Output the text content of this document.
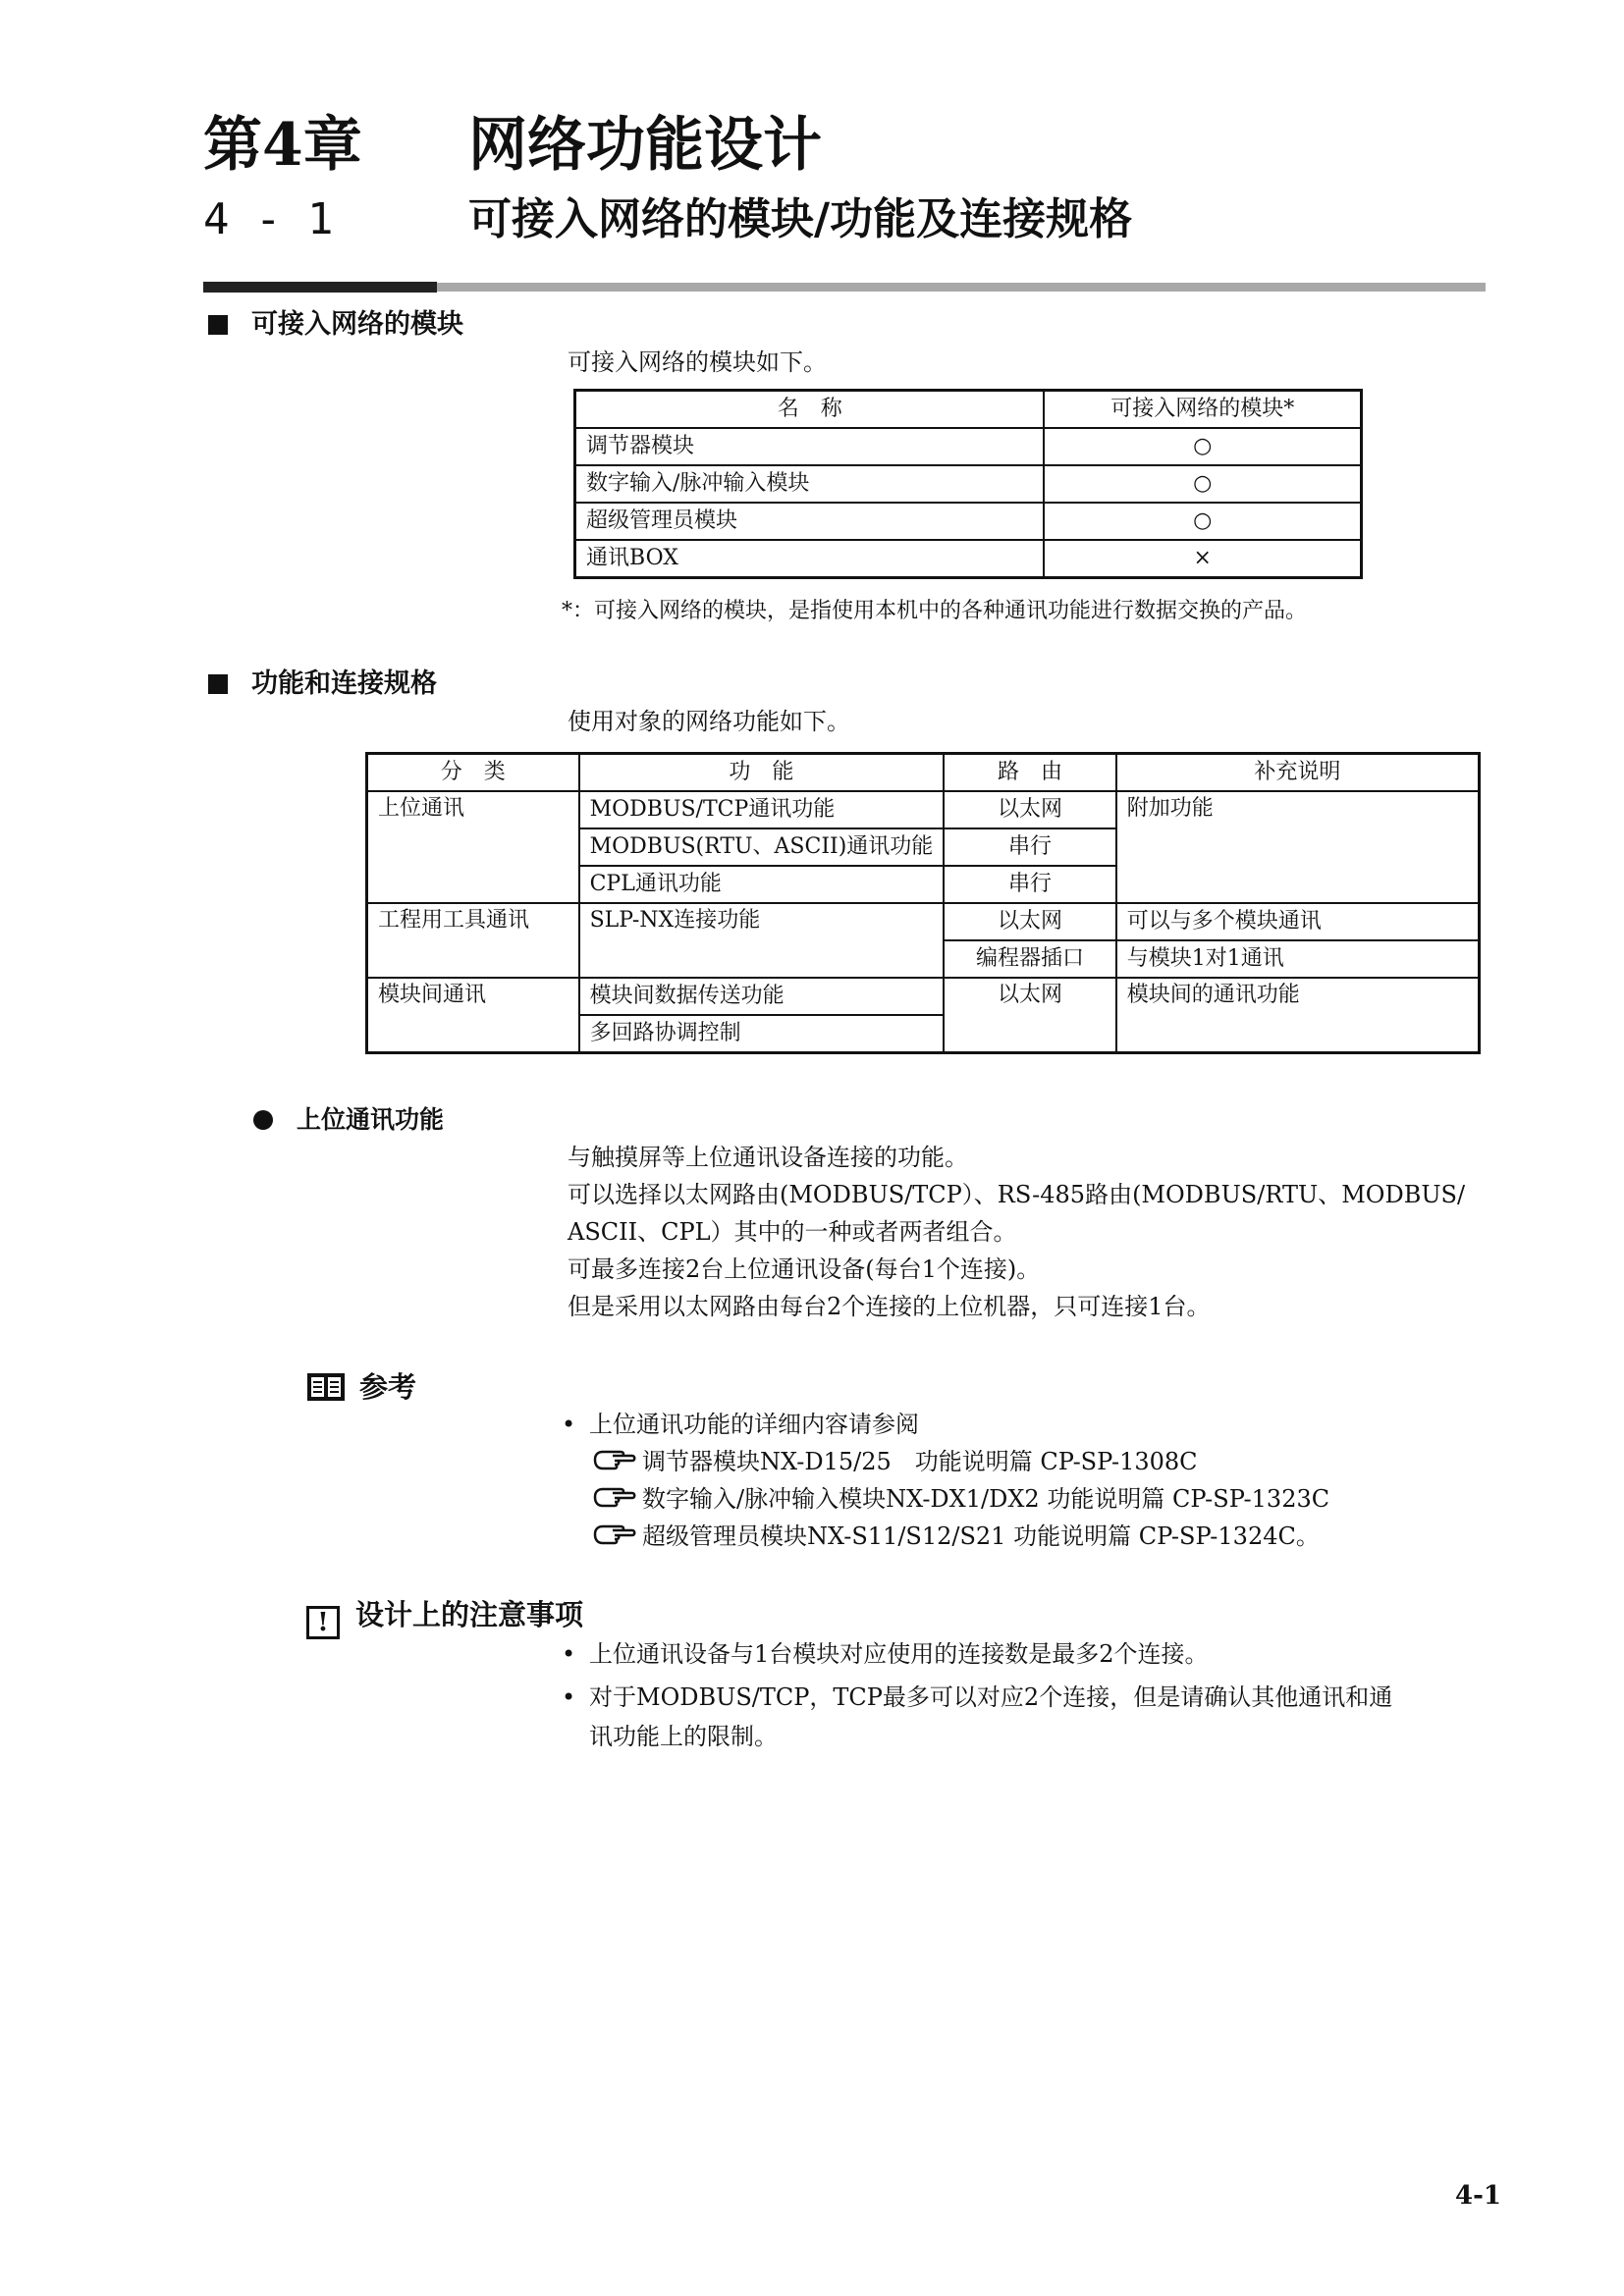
第4章 网络功能设计
4 - 1	可接入网络的模块/功能及连接规格
可接入网络的模块
可接入网络的模块如下。
名　称	可接入网络的模块*
调节器模块	○
数字输入/脉冲输入模块	○
超级管理员模块	○
通讯BOX	×
*：可接入网络的模块，是指使用本机中的各种通讯功能进行数据交换的产品。
功能和连接规格
使用对象的网络功能如下。
分　类	功　能	路　由	补充说明
上位通讯	MODBUS/TCP通讯功能	以太网	附加功能
	MODBUS(RTU、ASCII)通讯功能	串行	
	CPL通讯功能	串行	
工程用工具通讯	SLP-NX连接功能	以太网	可以与多个模块通讯
		编程器插口	与模块1对1通讯
模块间通讯	模块间数据传送功能	以太网	模块间的通讯功能
	多回路协调控制		
上位通讯功能
与触摸屏等上位通讯设备连接的功能。
可以选择以太网路由(MODBUS/TCP）、RS-485路由(MODBUS/RTU、MODBUS/
ASCII、CPL）其中的一种或者两者组合。
可最多连接2台上位通讯设备(每台1个连接)。
但是采用以太网路由每台2个连接的上位机器，只可连接1台。
参考
• 上位通讯功能的详细内容请参阅
调节器模块NX-D15/25　功能说明篇 CP-SP-1308C
数字输入/脉冲输入模块NX-DX1/DX2 功能说明篇 CP-SP-1323C
超级管理员模块NX-S11/S12/S21 功能说明篇 CP-SP-1324C。
! 设计上的注意事项
• 上位通讯设备与1台模块对应使用的连接数是最多2个连接。
• 对于MODBUS/TCP，TCP最多可以对应2个连接，但是请确认其他通讯和通
讯功能上的限制。
4-1
